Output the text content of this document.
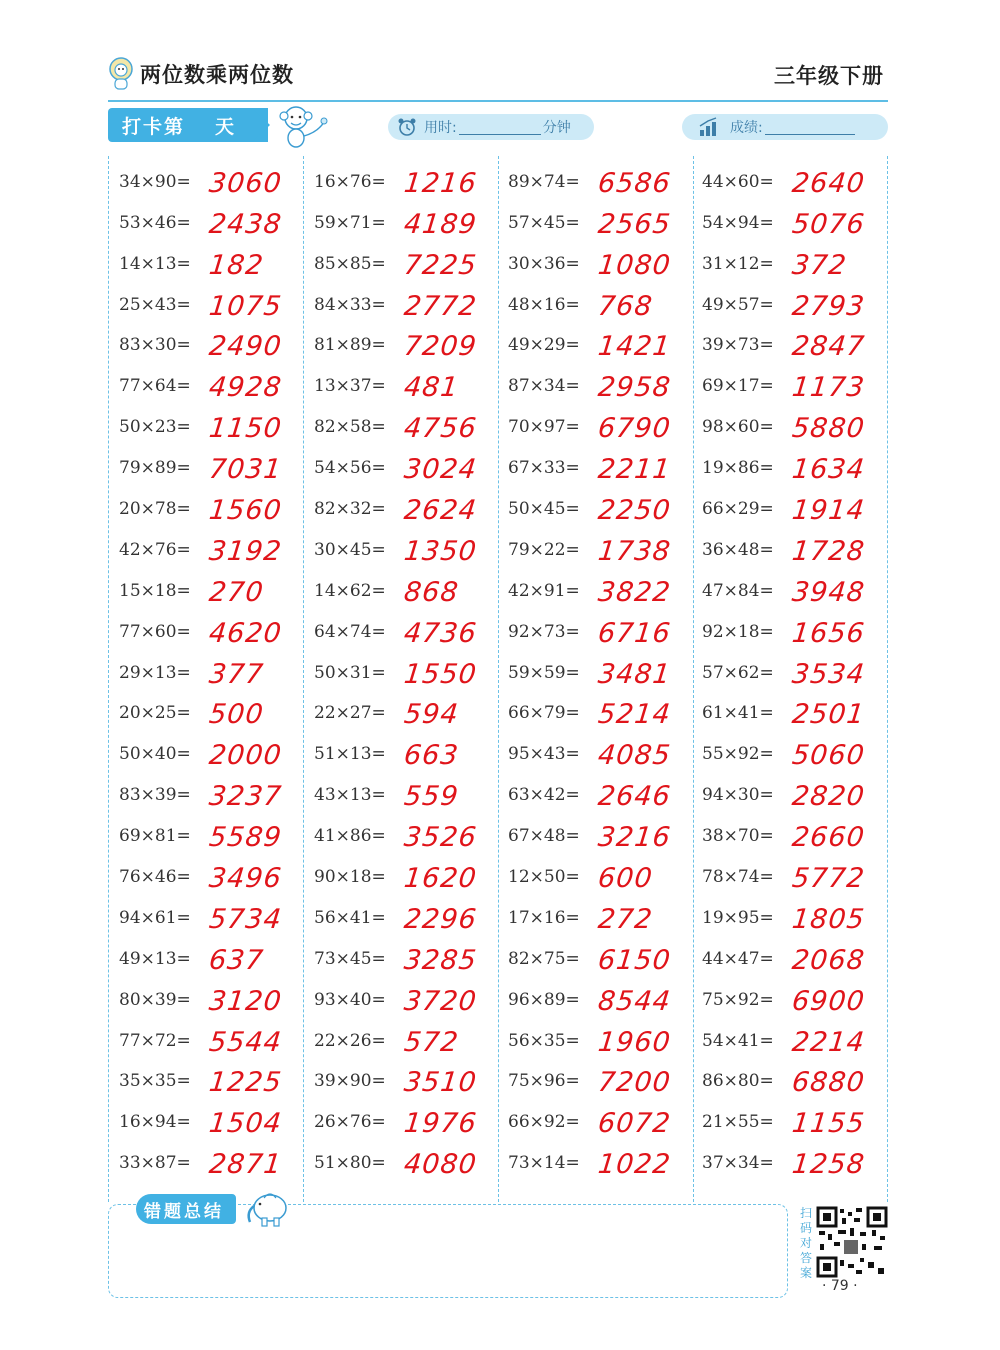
两位数乘两位数	三年级下册
打卡第 天	用时:	分钟	成绩:
34×90= 3060
53×46= 2438
14×13= 182
25×43= 1075
83×30= 2490
77×64= 4928
50×23= 1150
79×89= 7031
20×78= 1560
42×76= 3192
15×18= 270
77×60= 4620
29×13= 377
20×25= 500
50×40= 2000
83×39= 3237
69×81= 5589
76×46= 3496
94×61= 5734
49×13= 637
80×39= 3120
77×72= 5544
35×35= 1225
16×94= 1504
33×87= 2871
16×76= 1216
59×71= 4189
85×85= 7225
84×33= 2772
81×89= 7209
13×37= 481
82×58= 4756
54×56= 3024
82×32= 2624
30×45= 1350
14×62= 868
64×74= 4736
50×31= 1550
22×27= 594
51×13= 663
43×13= 559
41×86= 3526
90×18= 1620
56×41= 2296
73×45= 3285
93×40= 3720
22×26= 572
39×90= 3510
26×76= 1976
51×80= 4080
89×74= 6586
57×45= 2565
30×36= 1080
48×16= 768
49×29= 1421
87×34= 2958
70×97= 6790
67×33= 2211
50×45= 2250
79×22= 1738
42×91= 3822
92×73= 6716
59×59= 3481
66×79= 5214
95×43= 4085
63×42= 2646
67×48= 3216
12×50= 600
17×16= 272
82×75= 6150
96×89= 8544
56×35= 1960
75×96= 7200
66×92= 6072
73×14= 1022
44×60= 2640
54×94= 5076
31×12= 372
49×57= 2793
39×73= 2847
69×17= 1173
98×60= 5880
19×86= 1634
66×29= 1914
36×48= 1728
47×84= 3948
92×18= 1656
57×62= 3534
61×41= 2501
55×92= 5060
94×30= 2820
38×70= 2660
78×74= 5772
19×95= 1805
44×47= 2068
75×92= 6900
54×41= 2214
86×80= 6880
21×55= 1155
37×34= 1258
错题总结	扫码对答案
· 79 ·
